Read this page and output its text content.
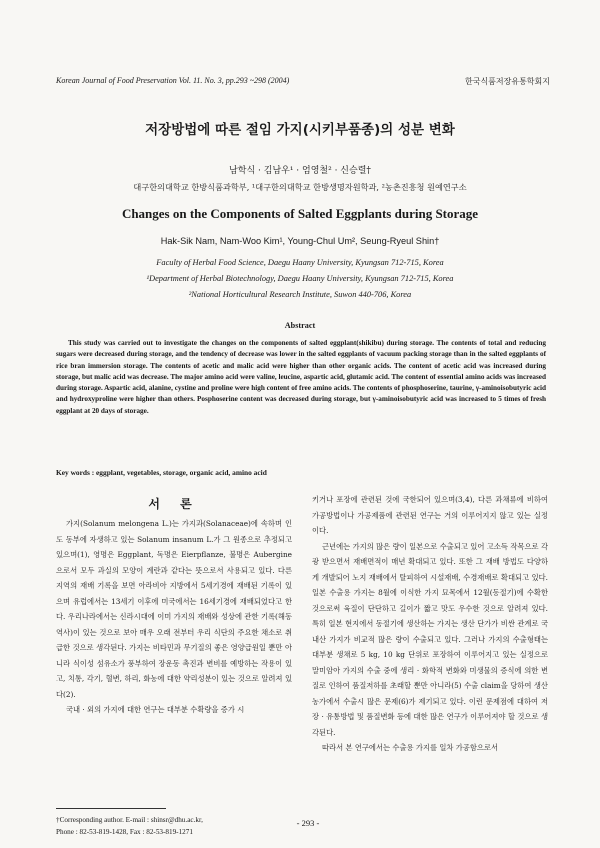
Korean Journal of Food Preservation Vol. 11. No. 3, pp.293 ~298 (2004)	한국식품저장유통학회지
저장방법에 따른 절임 가지(시키부품종)의 성분 변화
남학식 · 김남우¹ · 엄영철² · 신승렬†
대구한의대학교 한방식품과학부, ¹대구한의대학교 한방생명자원학과, ²농촌진흥청 원예연구소
Changes on the Components of Salted Eggplants during Storage
Hak-Sik Nam, Nam-Woo Kim¹, Young-Chul Um², Seung-Ryeul Shin†
Faculty of Herbal Food Science, Daegu Haany University, Kyungsan 712-715, Korea
¹Department of Herbal Biotechnology, Daegu Haany University, Kyungsan 712-715, Korea
²National Horticultural Research Institute, Suwon 440-706, Korea
Abstract
This study was carried out to investigate the changes on the components of salted eggplant(shikibu) during storage. The contents of total and reducing sugars were decreased during storage, and the tendency of decrease was lower in the salted eggplants of vacuum packing storage than in the salted eggplants of rice bran immersion storage. The contents of acetic and malic acid were higher than other organic acids. The content of acetic acid was increased during storage, but malic acid was decrease. The major amino acid were valine, leucine, aspartic acid, glutamic acid. The content of essential amino acids was increased during storage. Aspartic acid, alanine, cystine and proline were high content of free amino acids. The contents of phosphoserine, taurine, γ-aminoisobutyric acid and hydroxyproline were higher than others. Posphoserine content was decreased during storage, but γ-aminoisobutyric acid was increased to 5 times of fresh eggplant at 20 days of storage.
Key words : eggplant, vegetables, storage, organic acid, amino acid
서 론

가지(Solanum melongena L.)는 가지과(Solanaceae)에 속하며 인도 동부에 자생하고 있는 Solanum insanum L.가 그 원종으로 추정되고 있으며(1), 영명은 Eggplant, 독명은 Eierpflanze, 불명은 Aubergine으로서 모두 과실의 모양이 계란과 같다는 뜻으로서 사용되고 있다. 다른 지역의 재배 기록을 보면 아라비아 지방에서 5세기경에 재배된 기록이 있으며 유럽에서는 13세기 이후에 미국에서는 16세기경에 재배되었다고 한다. 우리나라에서는 신라시대에 이미 가지의 재배와 성상에 관한 기록(해동역사)이 있는 것으로 보아 매우 오래 전부터 우리 식단의 주요한 채소로 취급한 것으로 생각된다. 가지는 비타민과 무기질의 좋은 영양급원일 뿐만 아니라 식이성 섬유소가 풍부하여 장운동 촉진과 변비를 예방하는 작용이 있고, 치통, 각기, 혈변, 하리, 화농에 대한 약리성분이 있는 것으로 알려져 있다(2).

국내 · 외의 가지에 대한 연구는 대부분 수확량을 증가 시

키거나 포장에 관련된 것에 국한되어 있으며(3,4), 다른 과채류에 비하여 가공방법이나 가공제품에 관련된 연구는 거의 이루어지지 않고 있는 실정이다.

근년에는 가지의 많은 량이 일본으로 수출되고 있어 고소득 작목으로 각광 받으면서 재배면적이 매년 확대되고 있다. 또한 그 재배 방법도 다양하게 개발되어 노지 재배에서 탈피하여 시설재배, 수경재배로 확대되고 있다. 일본 수출용 가지는 8월에 이식한 가지 묘목에서 12월(동절기)에 수확한 것으로써 육질이 단단하고 길이가 짧고 맛도 우수한 것으로 알려져 있다. 특히 일본 현지에서 동절기에 생산하는 가지는 생산 단가가 비싼 관계로 국내산 가지가 비교적 많은 량이 수출되고 있다. 그러나 가지의 수출형태는 대부분 생채로 5 kg, 10 kg 단위로 포장하여 이루어지고 있는 실정으로 말미암아 가지의 수출 중에 생리 · 화학적 변화와 미생물의 증식에 의한 변질로 인하여 품질저하를 초래할 뿐만 아니라(5) 수출 claim을 당하여 생산 농가에서 수출시 많은 문제(6)가 제기되고 있다. 이런 문제점에 대하여 저장 · 유통방법 및 품질변화 등에 대한 많은 연구가 이루어져야 할 것으로 생각된다.

따라서 본 연구에서는 수출용 가지를 일차 가공함으로서

†Corresponding author. E-mail : shinsr@dhu.ac.kr,
Phone : 82-53-819-1428, Fax : 82-53-819-1271
- 293 -
